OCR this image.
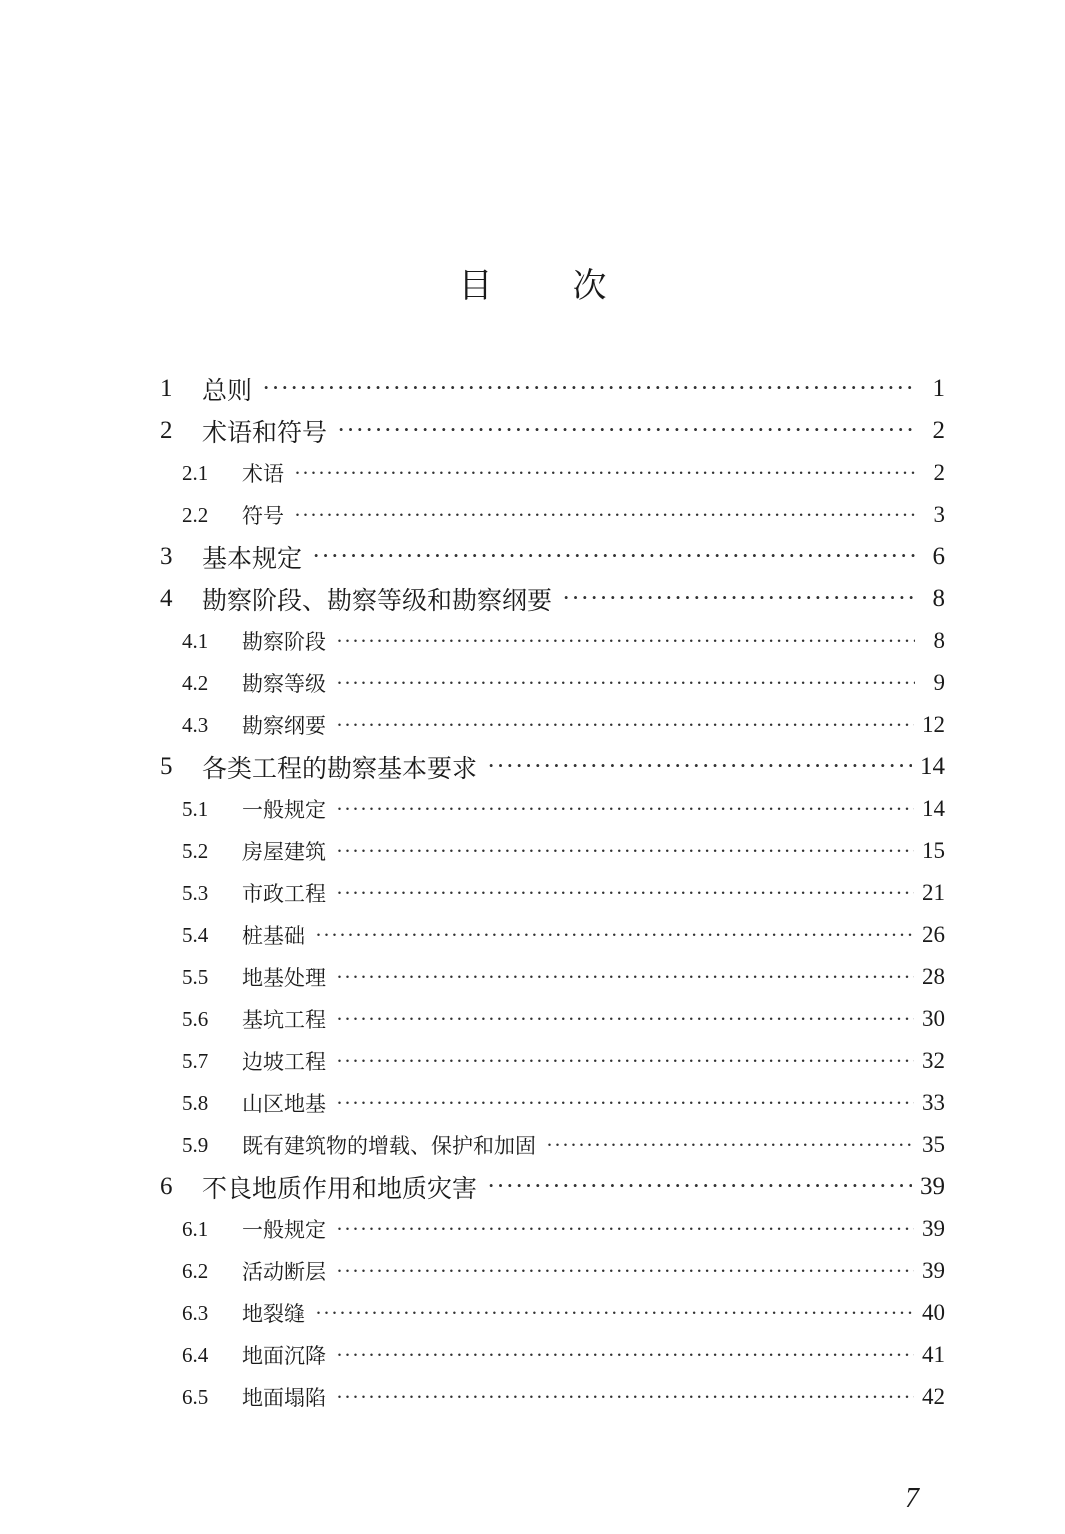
目 次
1	总则 ·····	1
2	术语和符号 ·····	2
2.1	术语 ·····	2
2.2	符号 ·····	3
3	基本规定 ·····	6
4	勘察阶段、勘察等级和勘察纲要 ·····	8
4.1	勘察阶段 ·····	8
4.2	勘察等级 ·····	9
4.3	勘察纲要 ·····	12
5	各类工程的勘察基本要求 ·····	14
5.1	一般规定 ·····	14
5.2	房屋建筑 ·····	15
5.3	市政工程 ·····	21
5.4	桩基础 ·····	26
5.5	地基处理 ·····	28
5.6	基坑工程 ·····	30
5.7	边坡工程 ·····	32
5.8	山区地基 ·····	33
5.9	既有建筑物的增载、保护和加固 ·····	35
6	不良地质作用和地质灾害 ·····	39
6.1	一般规定 ·····	39
6.2	活动断层 ·····	39
6.3	地裂缝 ·····	40
6.4	地面沉降 ·····	41
6.5	地面塌陷 ·····	42
7
